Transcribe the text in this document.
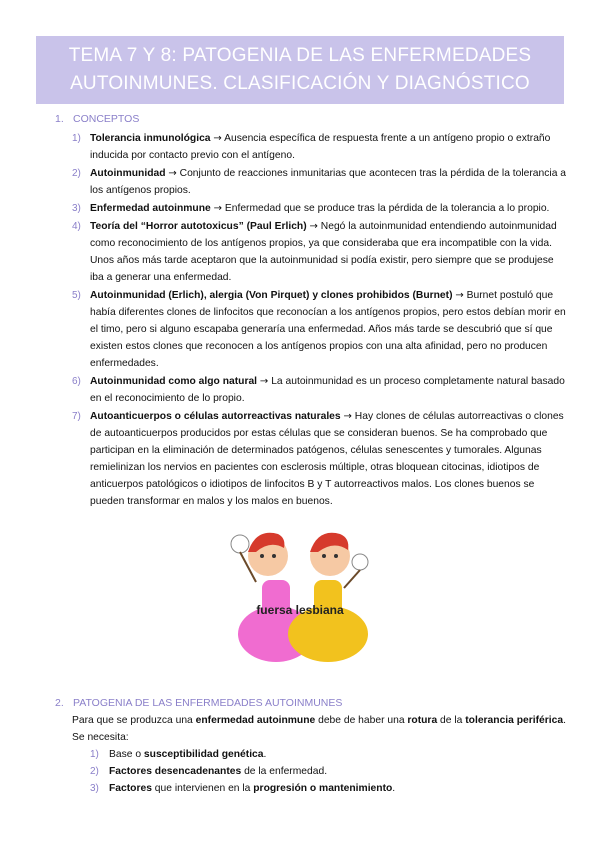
TEMA 7 Y 8: PATOGENIA DE LAS ENFERMEDADES
AUTOINMUNES. CLASIFICACIÓN Y DIAGNÓSTICO
1. CONCEPTOS
1) Tolerancia inmunológica → Ausencia específica de respuesta frente a un antígeno propio o extraño inducida por contacto previo con el antígeno.
2) Autoinmunidad → Conjunto de reacciones inmunitarias que acontecen tras la pérdida de la tolerancia a los antígenos propios.
3) Enfermedad autoinmune → Enfermedad que se produce tras la pérdida de la tolerancia a lo propio.
4) Teoría del “Horror autotoxicus” (Paul Erlich) → Negó la autoinmunidad entendiendo autoinmunidad como reconocimiento de los antígenos propios, ya que consideraba que era incompatible con la vida. Unos años más tarde aceptaron que la autoinmunidad si podía existir, pero siempre que se produjese iba a generar una enfermedad.
5) Autoinmunidad (Erlich), alergia (Von Pirquet) y clones prohibidos (Burnet) → Burnet postuló que había diferentes clones de linfocitos que reconocían a los antígenos propios, pero estos debían morir en el timo, pero si alguno escapaba generaría una enfermedad. Años más tarde se descubrió que sí que existen estos clones que reconocen a los antígenos propios con una alta afinidad, pero no producen enfermedades.
6) Autoinmunidad como algo natural → La autoinmunidad es un proceso completamente natural basado en el reconocimiento de lo propio.
7) Autoanticuerpos o células autorreactivas naturales → Hay clones de células autorreactivas o clones de autoanticuerpos producidos por estas células que se consideran buenos. Se ha comprobado que participan en la eliminación de determinados patógenos, células senescentes y tumorales. Algunas remielinizan los nervios en pacientes con esclerosis múltiple, otras bloquean citocinas, idiotipos de anticuerpos patológicos o idiotipos de linfocitos B y T autorreactivos malos. Los clones buenos se pueden transformar en malos y los malos en buenos.
fuersa lesbiana
2. PATOGENIA DE LAS ENFERMEDADES AUTOINMUNES
Para que se produzca una enfermedad autoinmune debe de haber una rotura de la tolerancia periférica. Se necesita:
1) Base o susceptibilidad genética.
2) Factores desencadenantes de la enfermedad.
3) Factores que intervienen en la progresión o mantenimiento.
